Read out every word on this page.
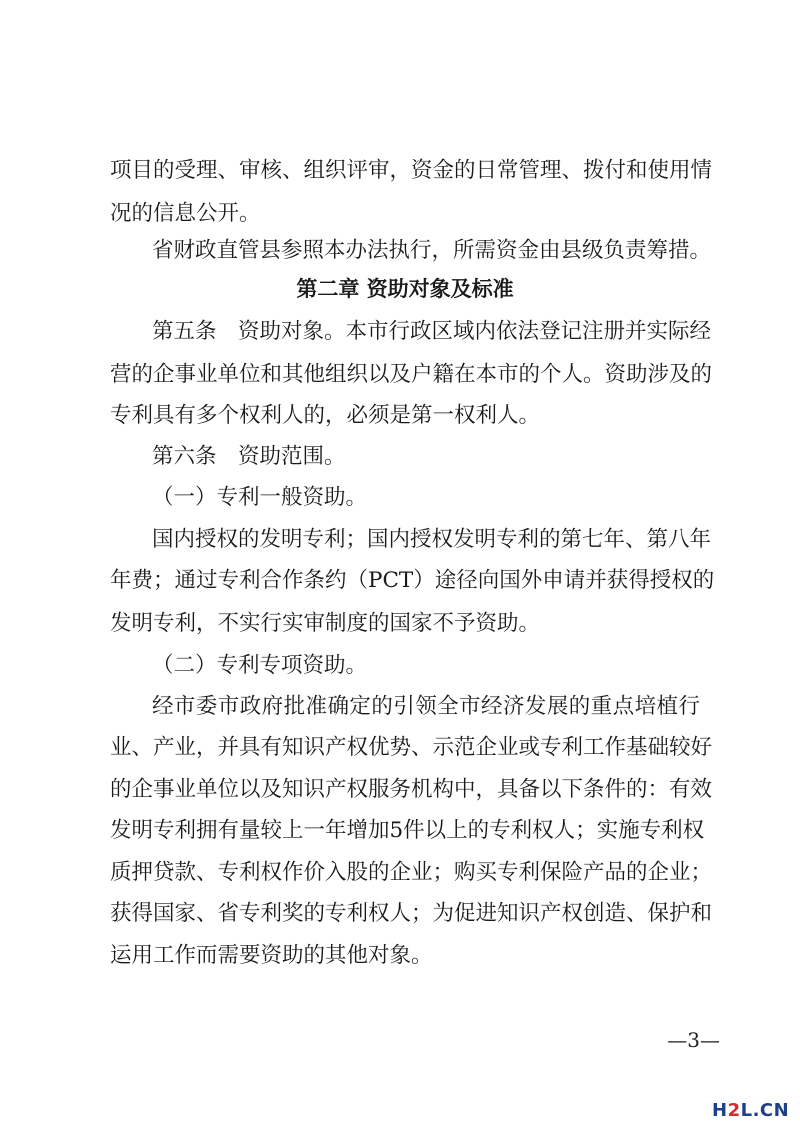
项目的受理、审核、组织评审，资金的日常管理、拨付和使用情
况的信息公开。
省财政直管县参照本办法执行，所需资金由县级负责筹措。
第二章 资助对象及标准
第五条　资助对象。本市行政区域内依法登记注册并实际经
营的企事业单位和其他组织以及户籍在本市的个人。资助涉及的
专利具有多个权利人的，必须是第一权利人。
第六条　资助范围。
（一）专利一般资助。
国内授权的发明专利；国内授权发明专利的第七年、第八年
年费；通过专利合作条约（PCT）途径向国外申请并获得授权的
发明专利，不实行实审制度的国家不予资助。
（二）专利专项资助。
经市委市政府批准确定的引领全市经济发展的重点培植行
业、产业，并具有知识产权优势、示范企业或专利工作基础较好
的企事业单位以及知识产权服务机构中，具备以下条件的：有效
发明专利拥有量较上一年增加5件以上的专利权人；实施专利权
质押贷款、专利权作价入股的企业；购买专利保险产品的企业；
获得国家、省专利奖的专利权人；为促进知识产权创造、保护和
运用工作而需要资助的其他对象。
—3—
H2L.CN
